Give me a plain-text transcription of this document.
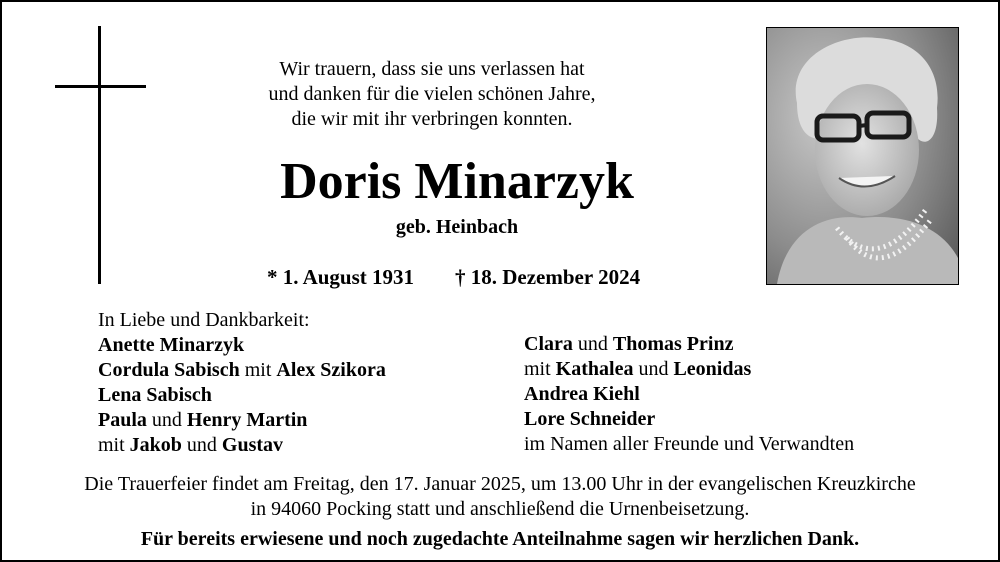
Wir trauern, dass sie uns verlassen hat
und danken für die vielen schönen Jahre,
die wir mit ihr verbringen konnten.
Doris Minarzyk
geb. Heinbach
* 1. August 1931 † 18. Dezember 2024
In Liebe und Dankbarkeit:
Anette Minarzyk
Cordula Sabisch mit Alex Szikora
Lena Sabisch
Paula und Henry Martin
mit Jakob und Gustav
Clara und Thomas Prinz
mit Kathalea und Leonidas
Andrea Kiehl
Lore Schneider
im Namen aller Freunde und Verwandten
Die Trauerfeier findet am Freitag, den 17. Januar 2025, um 13.00 Uhr in der evangelischen Kreuzkirche
in 94060 Pocking statt und anschließend die Urnenbeisetzung.
Für bereits erwiesene und noch zugedachte Anteilnahme sagen wir herzlichen Dank.
